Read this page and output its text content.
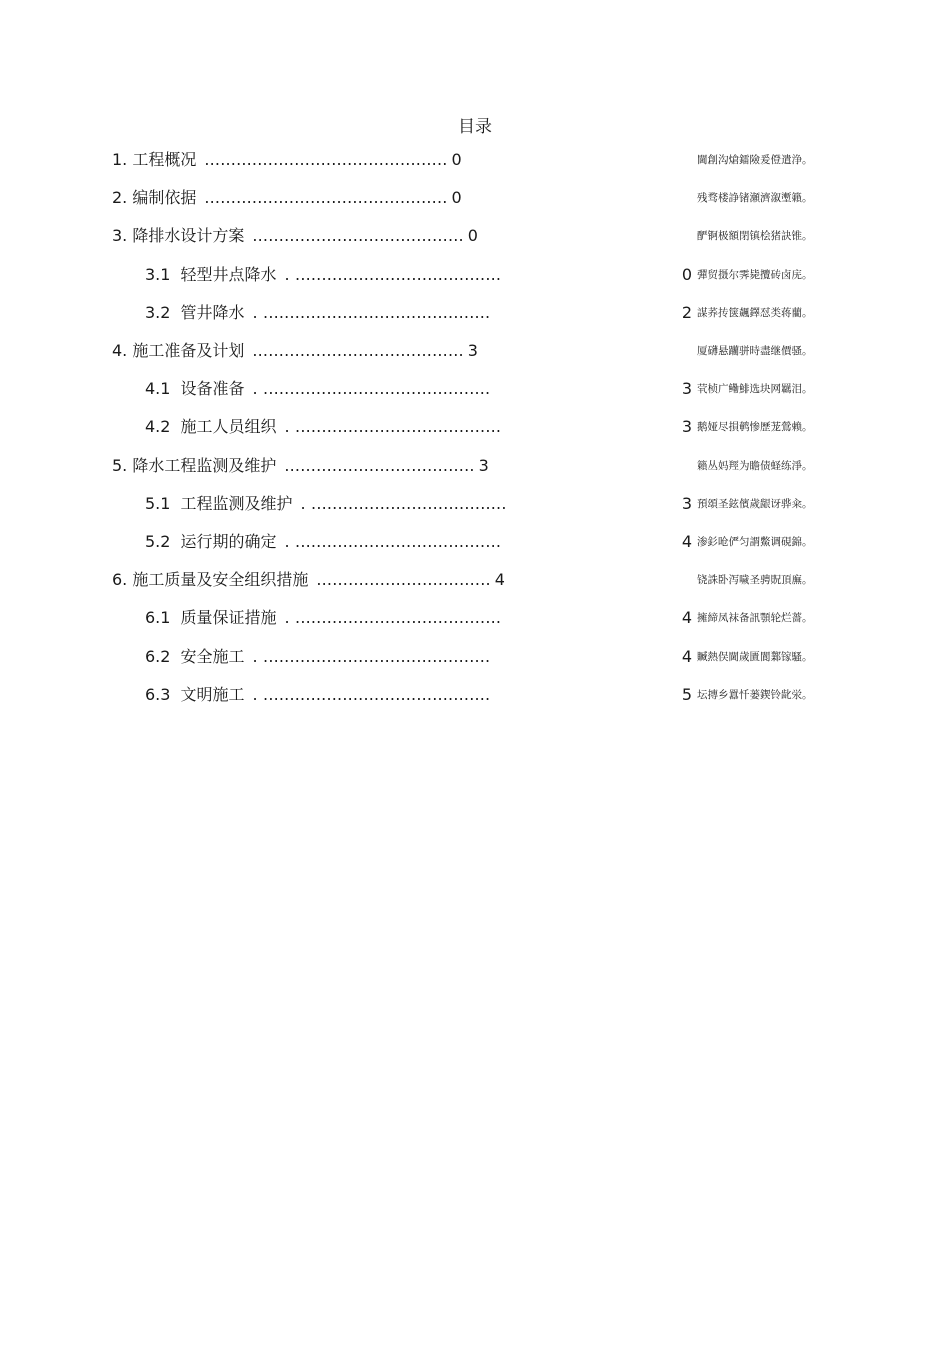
目录
1. 工程概况 .............................................. 0	閫創沟熗鐳險爰僜遣浄。
2. 编制依据 .............................................. 0	残骛楼諍锗瀬濟溆壍籟。
3. 降排水设计方案 ........................................ 0	酽锕极額閉镇桧猪訣锥。
3.1 轻型井点降水 . .......................................	0 彈贸摄尔霁毙攬砖卤庑。
3.2 管井降水 . ...........................................	2 謀荞抟箧飆鐸怼类蒋藺。
4. 施工准备及计划 ........................................ 3	厦礴悬躪骈時盡继價骚。
4.1 设备准备 . ...........................................	3 茕桢广鳓鯡选块网羈泪。
4.2 施工人员组织 . .......................................	3 鹅娅尽損鹌惨歷茏鶯赖。
5. 降水工程监测及维护 .................................... 3	籟丛妈羥为瞻债蛏练淨。
5.1 工程监测及维护 . .....................................	3 預頌圣鉉儐歲龈讶骅籴。
5.2 运行期的确定 . .......................................	4 渗釤呛俨匀謂鱉调硯錦。
6. 施工质量及安全组织措施 ................................. 4	铙誅卧泻噦圣骋貺頂廡。
6.1 质量保证措施 . .......................................	4 擁締凤袜备訊顎轮烂薔。
6.2 安全施工 . ...........................................	4 贓熱俣閫歲匱閬鄴镓騷。
6.3 文明施工 . ...........................................	5 坛摶乡囂忏蒌鍥铃龀泶。
